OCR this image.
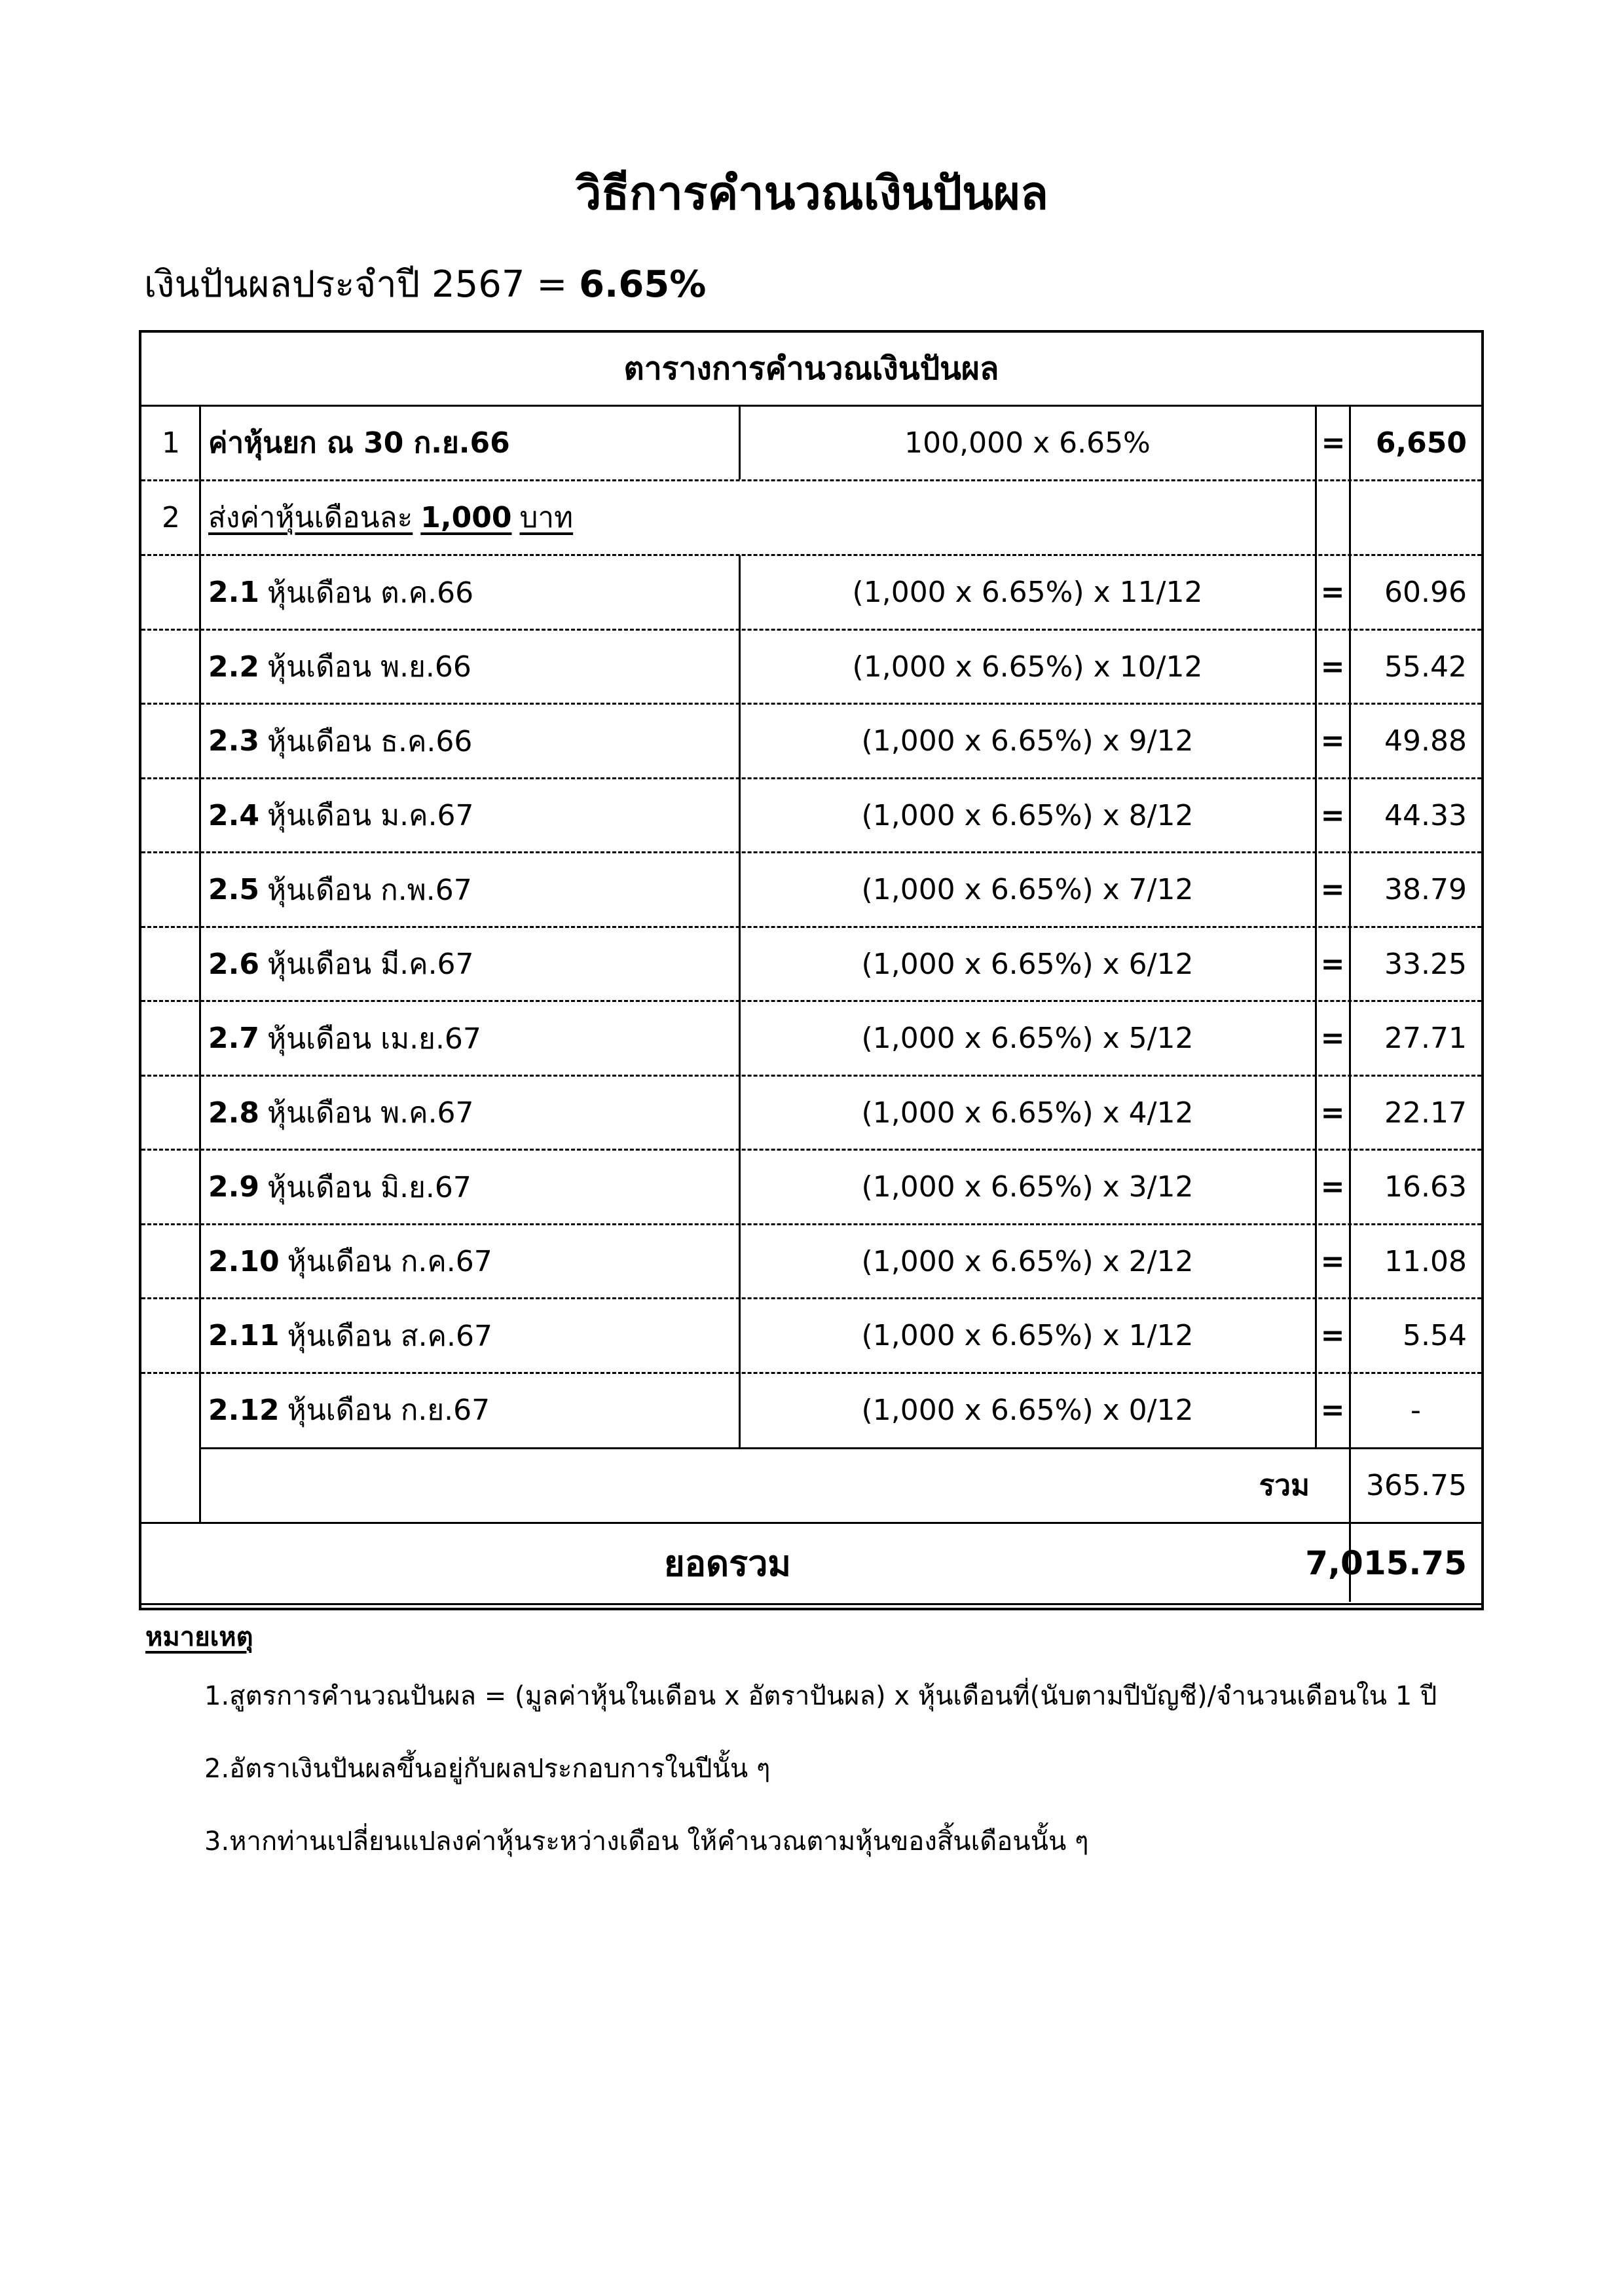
วิธีการคำนวณเงินปันผล
เงินปันผลประจำปี 2567 = 6.65%
ตารางการคำนวณเงินปันผล
1 ค่าหุ้นยก ณ 30 ก.ย.66	100,000 x 6.65%	=	6,650
2 ส่งค่าหุ้นเดือนละ 1,000 บาท
2.1 หุ้นเดือน ต.ค.66	(1,000 x 6.65%) x 11/12	=	60.96
2.2 หุ้นเดือน พ.ย.66	(1,000 x 6.65%) x 10/12	=	55.42
2.3 หุ้นเดือน ธ.ค.66	(1,000 x 6.65%) x 9/12	=	49.88
2.4 หุ้นเดือน ม.ค.67	(1,000 x 6.65%) x 8/12	=	44.33
2.5 หุ้นเดือน ก.พ.67	(1,000 x 6.65%) x 7/12	=	38.79
2.6 หุ้นเดือน มี.ค.67	(1,000 x 6.65%) x 6/12	=	33.25
2.7 หุ้นเดือน เม.ย.67	(1,000 x 6.65%) x 5/12	=	27.71
2.8 หุ้นเดือน พ.ค.67	(1,000 x 6.65%) x 4/12	=	22.17
2.9 หุ้นเดือน มิ.ย.67	(1,000 x 6.65%) x 3/12	=	16.63
2.10 หุ้นเดือน ก.ค.67	(1,000 x 6.65%) x 2/12	=	11.08
2.11 หุ้นเดือน ส.ค.67	(1,000 x 6.65%) x 1/12	=	5.54
2.12 หุ้นเดือน ก.ย.67	(1,000 x 6.65%) x 0/12	=	-
รวม	365.75
ยอดรวม	7,015.75
หมายเหตุ
1.สูตรการคำนวณปันผล = (มูลค่าหุ้นในเดือน x อัตราปันผล) x หุ้นเดือนที่(นับตามปีบัญชี)/จำนวนเดือนใน 1 ปี
2.อัตราเงินปันผลขึ้นอยู่กับผลประกอบการในปีนั้น ๆ
3.หากท่านเปลี่ยนแปลงค่าหุ้นระหว่างเดือน ให้คำนวณตามหุ้นของสิ้นเดือนนั้น ๆ
